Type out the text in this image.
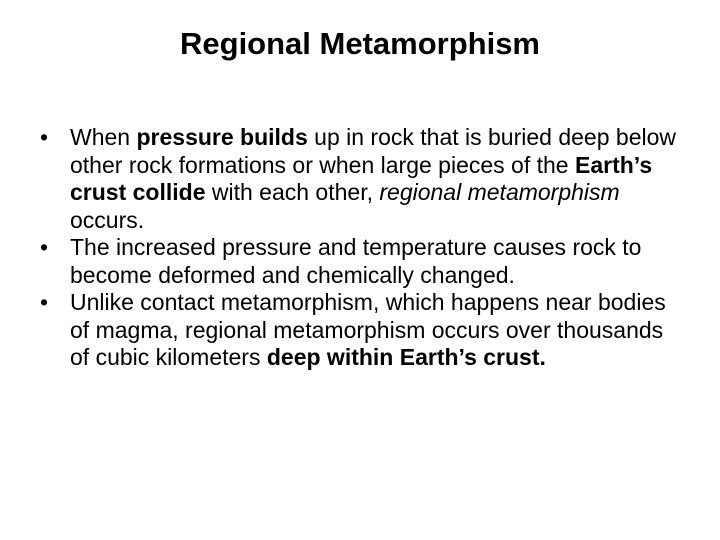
Regional Metamorphism
• When pressure builds up in rock that is buried deep below other rock formations or when large pieces of the Earth’s crust collide with each other, regional metamorphism occurs.
• The increased pressure and temperature causes rock to become deformed and chemically changed.
• Unlike contact metamorphism, which happens near bodies of magma, regional metamorphism occurs over thousands of cubic kilometers deep within Earth’s crust.
